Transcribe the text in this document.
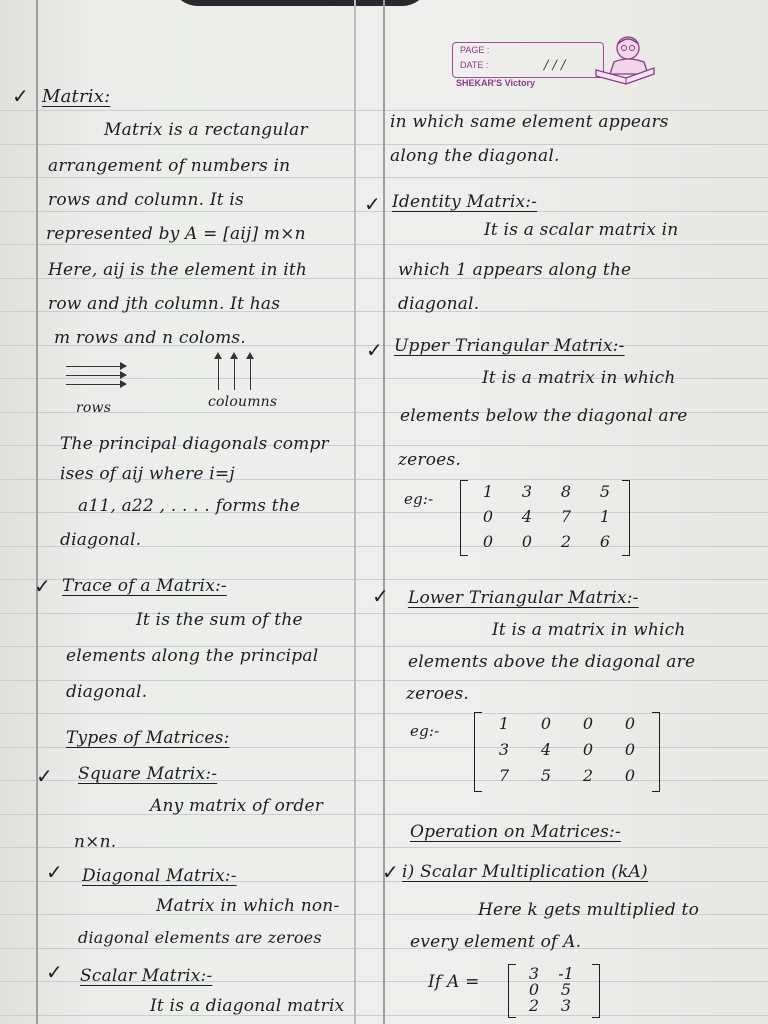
PAGE :
DATE :	/ / /
SHEKAR'S Victory
✓
✓
✓
✓
✓
✓
✓
✓
✓
Matrix:
Matrix is a rectangular
arrangement of numbers in
rows and column. It is
represented by A = [aij] m×n
Here, aij is the element in ith
row and jth column. It has
m rows and n coloms.
rows	coloumns
The principal diagonals compr
ises of aij where i=j
a11, a22 , . . . . forms the
diagonal.
Trace of a Matrix:-
It is the sum of the
elements along the principal
diagonal.
Types of Matrices:
Square Matrix:-
Any matrix of order
n×n.
Diagonal Matrix:-
Matrix in which non-
diagonal elements are zeroes
Scalar Matrix:-
It is a diagonal matrix
in which same element appears
along the diagonal.
Identity Matrix:-
It is a scalar matrix in
which 1 appears along the
diagonal.
Upper Triangular Matrix:-
It is a matrix in which
elements below the diagonal are
zeroes.
eg:-	1	3	8	5
0	4	7	1
0	0	2	6
Lower Triangular Matrix:-
It is a matrix in which
elements above the diagonal are
zeroes.
eg:-	1	0	0	0
3	4	0	0
7	5	2	0
Operation on Matrices:-
i) Scalar Multiplication (kA)
Here k gets multiplied to
every element of A.
If A =	3	-1
0	5
2	3
